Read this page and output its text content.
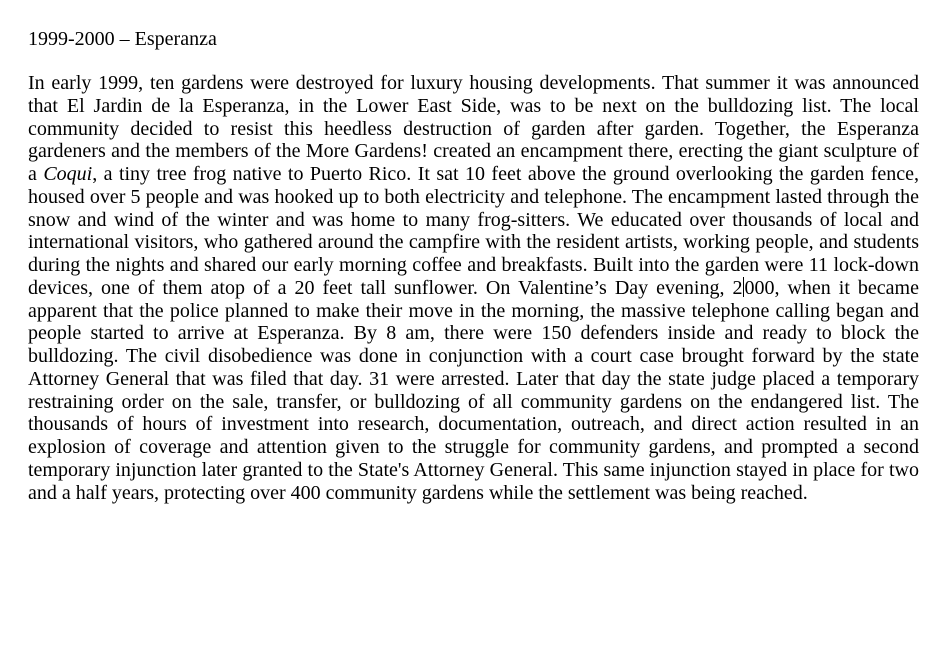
1999-2000 – Esperanza

In early 1999, ten gardens were destroyed for luxury housing developments. That summer it was announced that El Jardin de la Esperanza, in the Lower East Side, was to be next on the bulldozing list. The local community decided to resist this heedless destruction of garden after garden. Together, the Esperanza gardeners and the members of the More Gardens! created an encampment there, erecting the giant sculpture of a Coqui, a tiny tree frog native to Puerto Rico. It sat 10 feet above the ground overlooking the garden fence, housed over 5 people and was hooked up to both electricity and telephone. The encampment lasted through the snow and wind of the winter and was home to many frog-sitters. We educated over thousands of local and international visitors, who gathered around the campfire with the resident artists, working people, and students during the nights and shared our early morning coffee and breakfasts. Built into the garden were 11 lock-down devices, one of them atop of a 20 feet tall sunflower. On Valentine’s Day evening, 2 000, when it became apparent that the police planned to make their move in the morning, the massive telephone calling began and people started to arrive at Esperanza. By 8 am, there were 150 defenders inside and ready to block the bulldozing. The civil disobedience was done in conjunction with a court case brought forward by the state Attorney General that was filed that day. 31 were arrested. Later that day the state judge placed a temporary restraining order on the sale, transfer, or bulldozing of all community gardens on the endangered list. The thousands of hours of investment into research, documentation, outreach, and direct action resulted in an explosion of coverage and attention given to the struggle for community gardens, and prompted a second temporary injunction later granted to the State's Attorney General. This same injunction stayed in place for two and a half years, protecting over 400 community gardens while the settlement was being reached.
